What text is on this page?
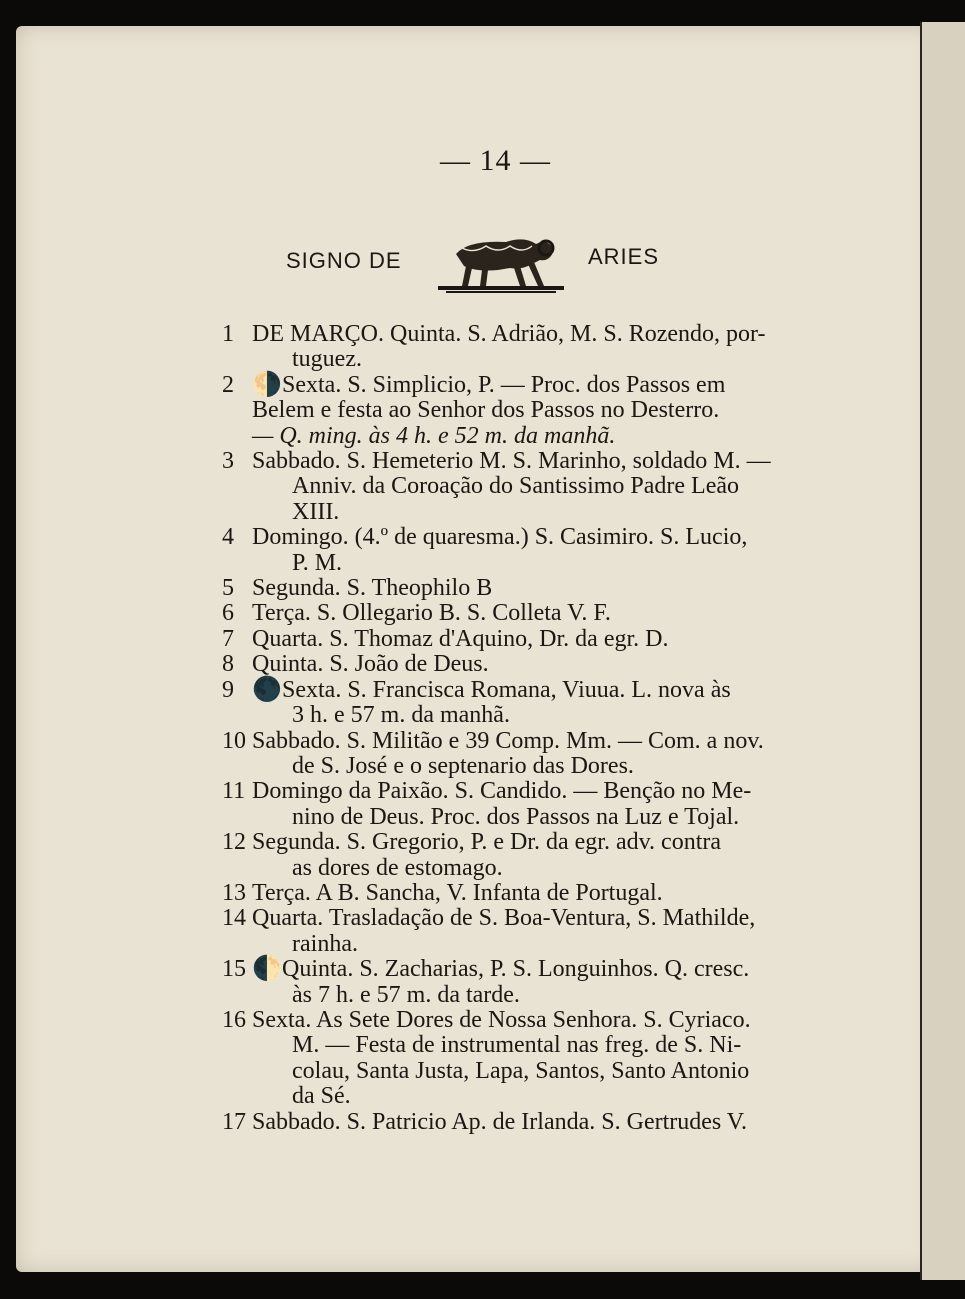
— 14 —
SIGNO DE	ARIES
1 DE MARÇO. Quinta. S. Adrião, M. S. Rozendo, por-
tuguez.
2 🌗Sexta. S. Simplicio, P. — Proc. dos Passos em
Belem e festa ao Senhor dos Passos no Desterro.
— Q. ming. às 4 h. e 52 m. da manhã.
3 Sabbado. S. Hemeterio M. S. Marinho, soldado M. —
Anniv. da Coroação do Santissimo Padre Leão
XIII.
4 Domingo. (4.º de quaresma.) S. Casimiro. S. Lucio,
P. M.
5 Segunda. S. Theophilo B
6 Terça. S. Ollegario B. S. Colleta V. F.
7 Quarta. S. Thomaz d'Aquino, Dr. da egr. D.
8 Quinta. S. João de Deus.
9 🌑Sexta. S. Francisca Romana, Viuua. L. nova às
3 h. e 57 m. da manhã.
10 Sabbado. S. Militão e 39 Comp. Mm. — Com. a nov.
de S. José e o septenario das Dores.
11 Domingo da Paixão. S. Candido. — Benção no Me-
nino de Deus. Proc. dos Passos na Luz e Tojal.
12 Segunda. S. Gregorio, P. e Dr. da egr. adv. contra
as dores de estomago.
13 Terça. A B. Sancha, V. Infanta de Portugal.
14 Quarta. Trasladação de S. Boa-Ventura, S. Mathilde,
rainha.
15 🌓Quinta. S. Zacharias, P. S. Longuinhos. Q. cresc.
às 7 h. e 57 m. da tarde.
16 Sexta. As Sete Dores de Nossa Senhora. S. Cyriaco.
M. — Festa de instrumental nas freg. de S. Ni-
colau, Santa Justa, Lapa, Santos, Santo Antonio
da Sé.
17 Sabbado. S. Patricio Ap. de Irlanda. S. Gertrudes V.
